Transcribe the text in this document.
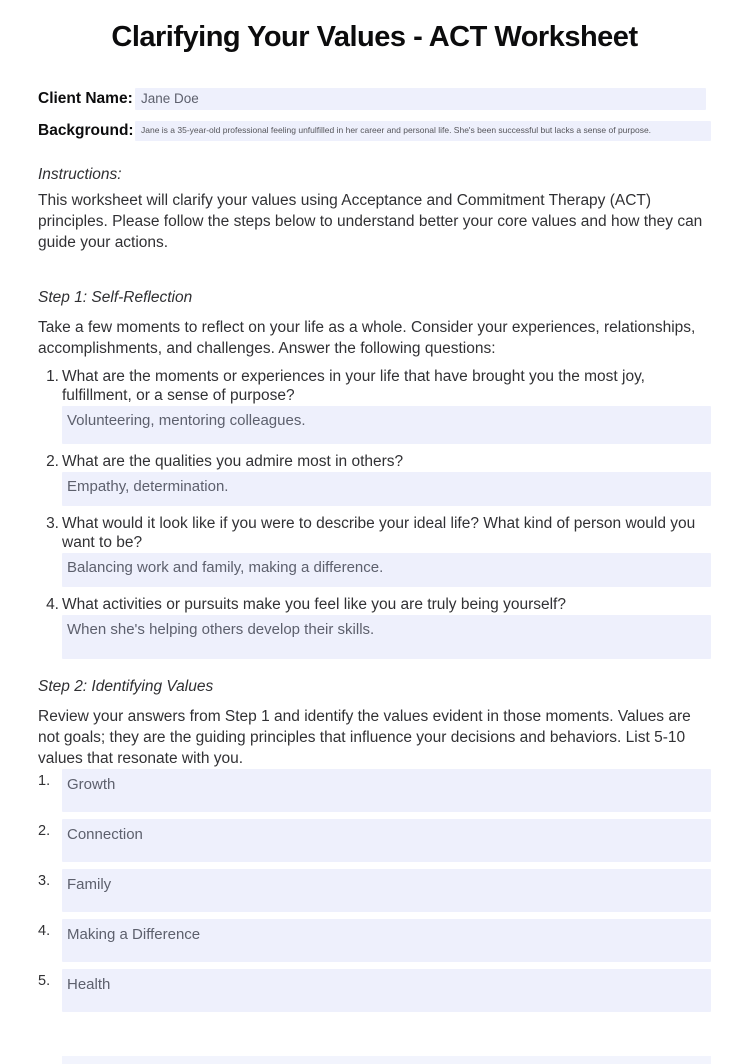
Clarifying Your Values - ACT Worksheet
Client Name: Jane Doe
Background: Jane is a 35-year-old professional feeling unfulfilled in her career and personal life. She's been successful but lacks a sense of purpose.
Instructions:

This worksheet will clarify your values using Acceptance and Commitment Therapy (ACT) principles. Please follow the steps below to understand better your core values and how they can guide your actions.

Step 1: Self-Reflection

Take a few moments to reflect on your life as a whole. Consider your experiences, relationships, accomplishments, and challenges. Answer the following questions:

1. What are the moments or experiences in your life that have brought you the most joy, fulfillment, or a sense of purpose?
Volunteering, mentoring colleagues.
2. What are the qualities you admire most in others?
Empathy, determination.
3. What would it look like if you were to describe your ideal life? What kind of person would you want to be?
Balancing work and family, making a difference.
4. What activities or pursuits make you feel like you are truly being yourself?
When she's helping others develop their skills.
Step 2: Identifying Values

Review your answers from Step 1 and identify the values evident in those moments. Values are not goals; they are the guiding principles that influence your decisions and behaviors. List 5-10 values that resonate with you.

1.	Growth
2.	Connection
3.	Family
4.	Making a Difference
5.	Health
